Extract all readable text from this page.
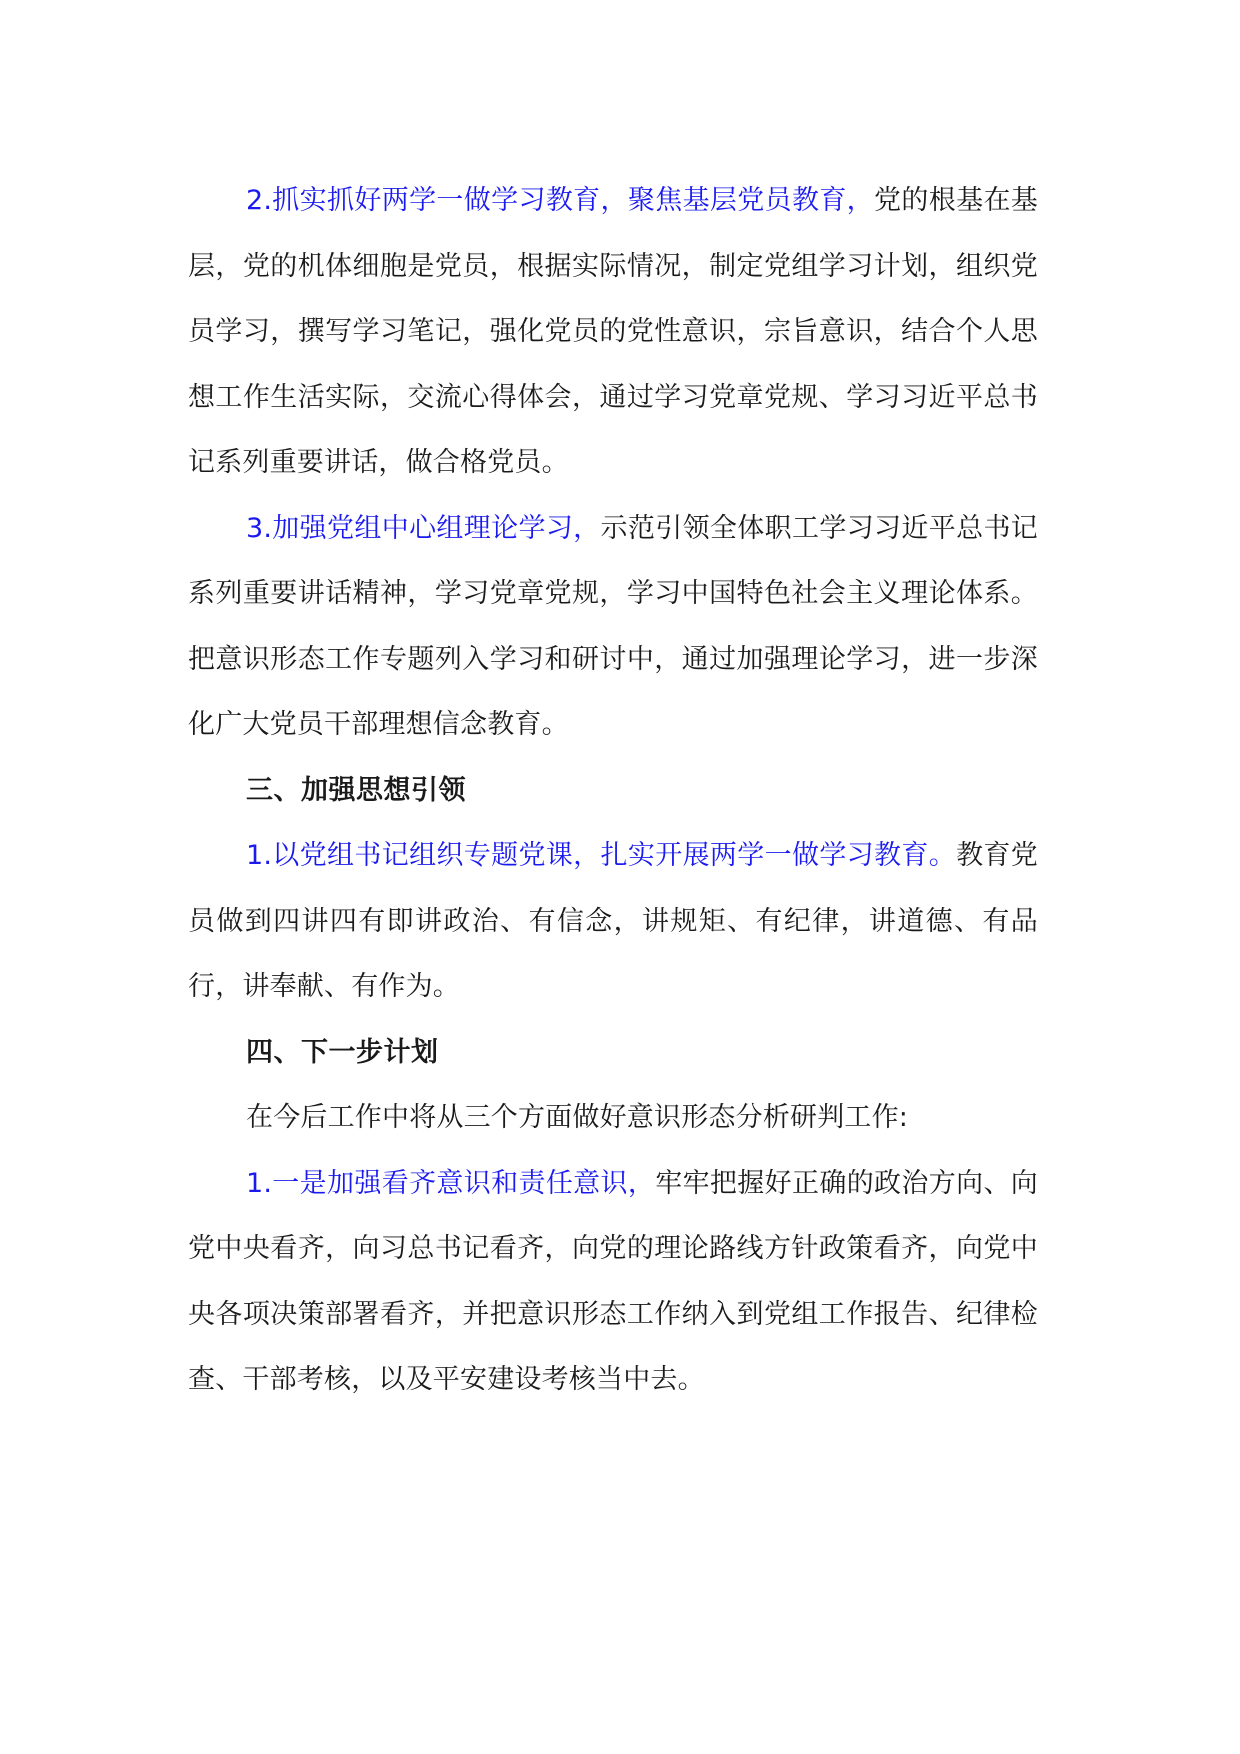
2.抓实抓好两学一做学习教育，聚焦基层党员教育，党的根基在基层，党的机体细胞是党员，根据实际情况，制定党组学习计划，组织党员学习，撰写学习笔记，强化党员的党性意识，宗旨意识，结合个人思想工作生活实际，交流心得体会，通过学习党章党规、学习习近平总书记系列重要讲话，做合格党员。

3.加强党组中心组理论学习，示范引领全体职工学习习近平总书记系列重要讲话精神，学习党章党规，学习中国特色社会主义理论体系。把意识形态工作专题列入学习和研讨中，通过加强理论学习，进一步深化广大党员干部理想信念教育。

三、加强思想引领

1.以党组书记组织专题党课，扎实开展两学一做学习教育。教育党员做到四讲四有即讲政治、有信念，讲规矩、有纪律，讲道德、有品行，讲奉献、有作为。

四、下一步计划

在今后工作中将从三个方面做好意识形态分析研判工作:

1.一是加强看齐意识和责任意识，牢牢把握好正确的政治方向、向党中央看齐，向习总书记看齐，向党的理论路线方针政策看齐，向党中央各项决策部署看齐，并把意识形态工作纳入到党组工作报告、纪律检查、干部考核，以及平安建设考核当中去。
